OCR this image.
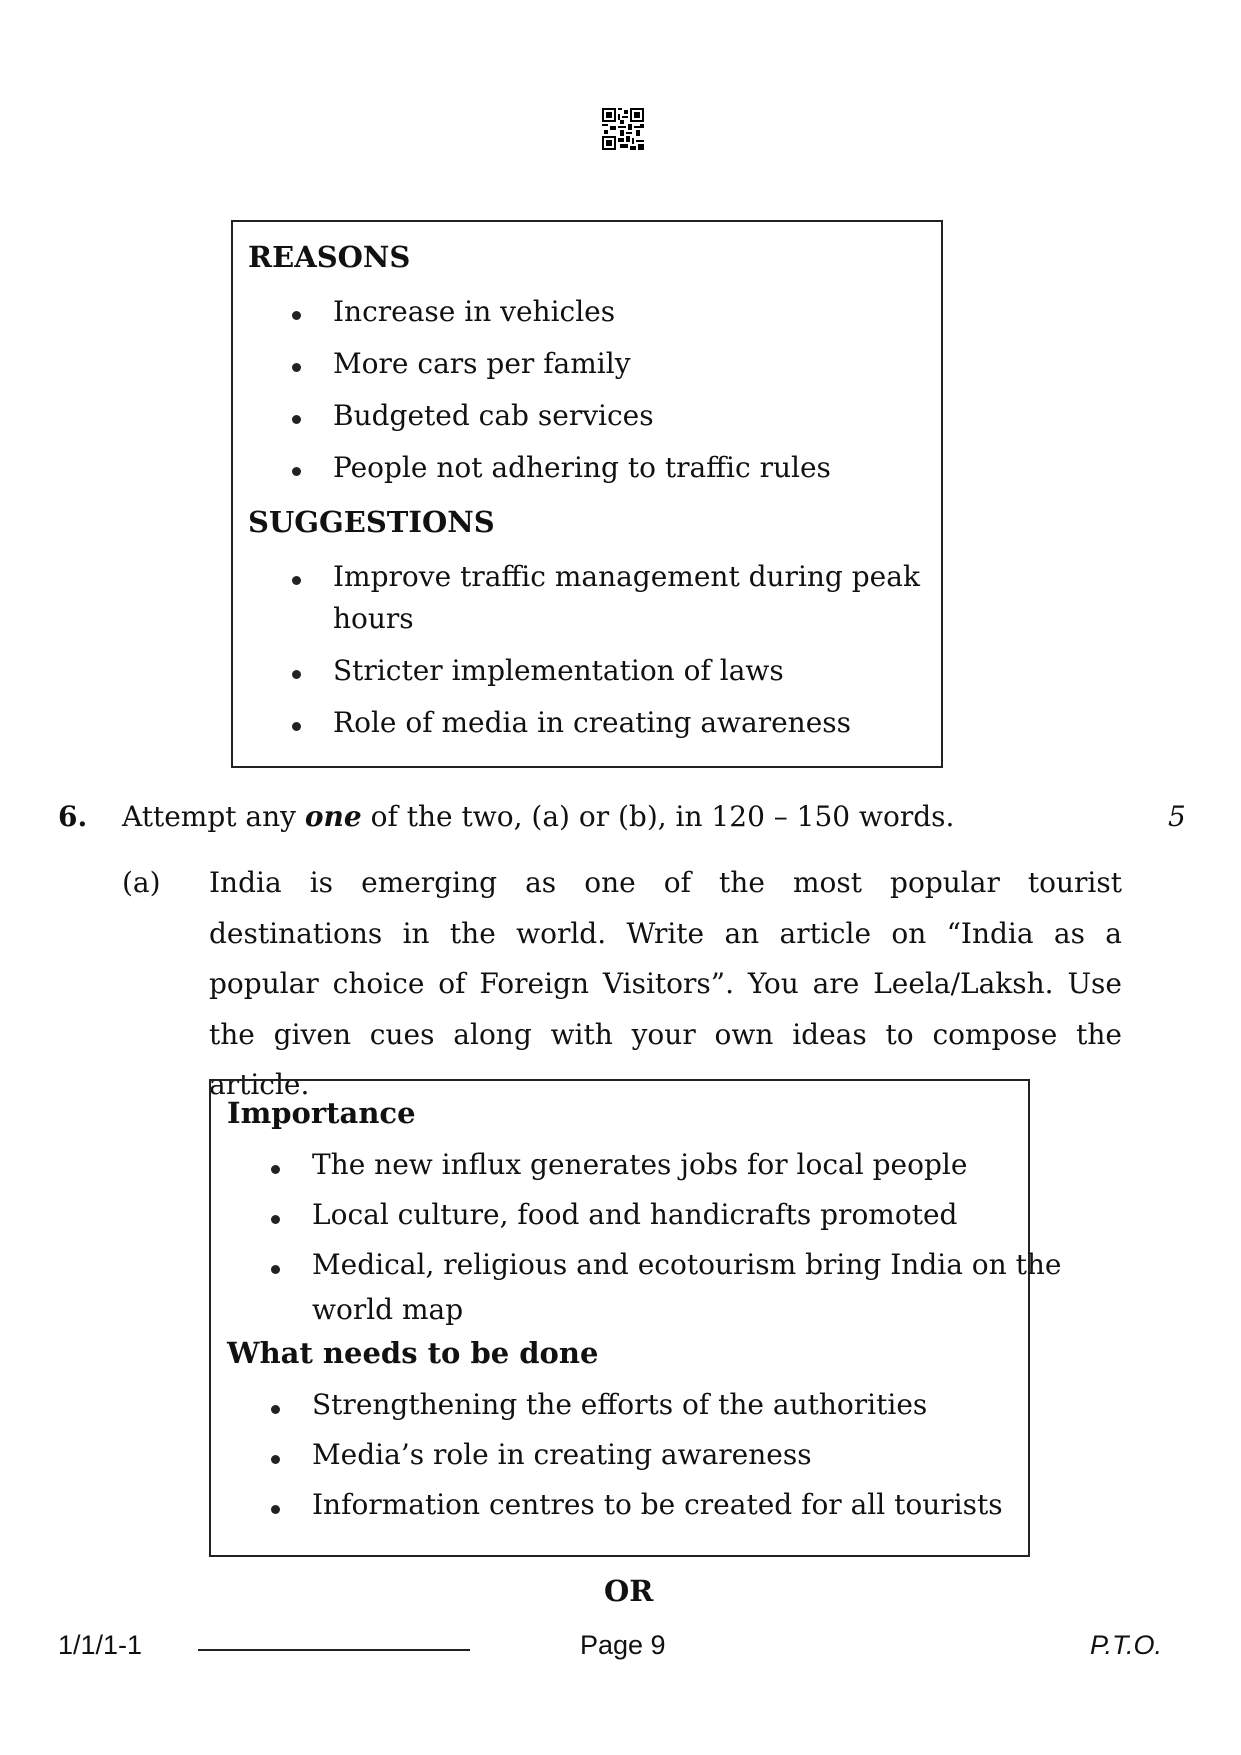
REASONS
Increase in vehicles
More cars per family
Budgeted cab services
People not adhering to traffic rules
SUGGESTIONS
Improve traffic management during peak
hours
Stricter implementation of laws
Role of media in creating awareness
6. Attempt any one of the two, (a) or (b), in 120 – 150 words.	5
(a) India is emerging as one of the most popular tourist destinations in the world. Write an article on “India as a popular choice of Foreign Visitors”. You are Leela/Laksh. Use the given cues along with your own ideas to compose the article.
Importance
The new influx generates jobs for local people
Local culture, food and handicrafts promoted
Medical, religious and ecotourism bring India on the
world map
What needs to be done
Strengthening the efforts of the authorities
Media’s role in creating awareness
Information centres to be created for all tourists
OR
1/1/1-1	Page 9	P.T.O.
